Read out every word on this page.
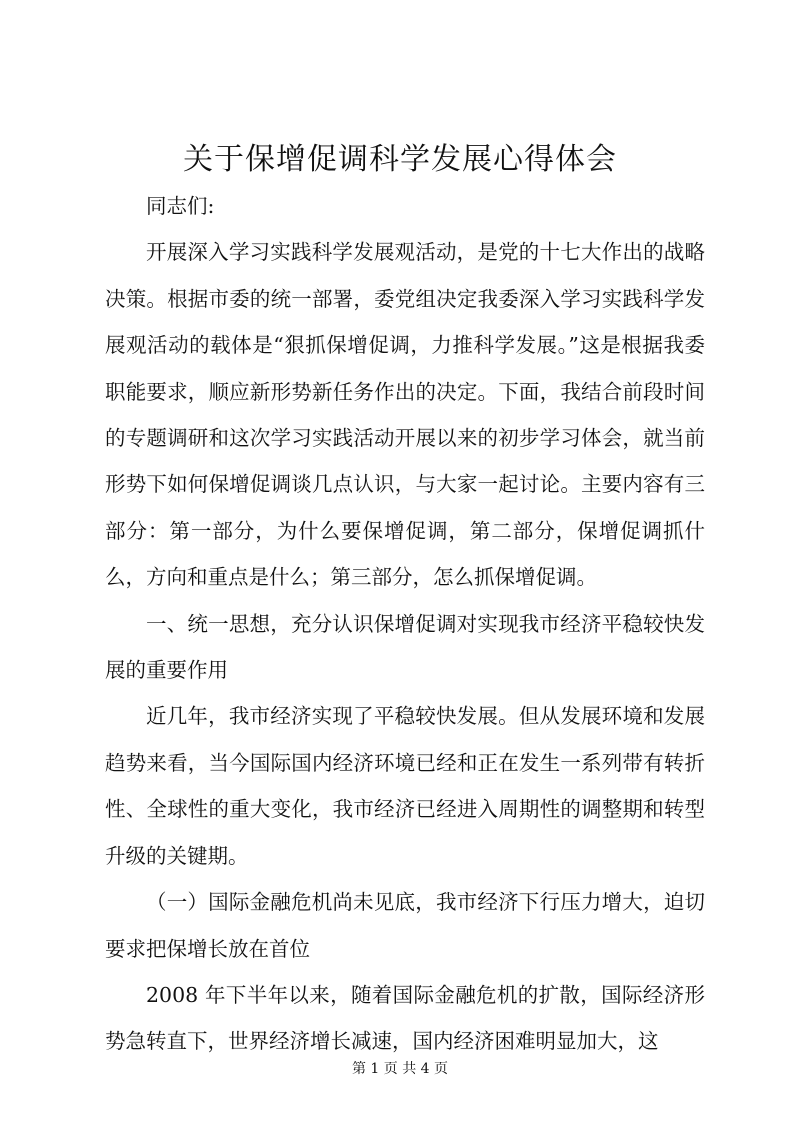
关于保增促调科学发展心得体会

同志们:

开展深入学习实践科学发展观活动，是党的十七大作出的战略决策。根据市委的统一部署，委党组决定我委深入学习实践科学发展观活动的载体是“狠抓保增促调，力推科学发展。”这是根据我委职能要求，顺应新形势新任务作出的决定。下面，我结合前段时间的专题调研和这次学习实践活动开展以来的初步学习体会，就当前形势下如何保增促调谈几点认识，与大家一起讨论。主要内容有三部分：第一部分，为什么要保增促调，第二部分，保增促调抓什么，方向和重点是什么；第三部分，怎么抓保增促调。

一、统一思想，充分认识保增促调对实现我市经济平稳较快发展的重要作用

近几年，我市经济实现了平稳较快发展。但从发展环境和发展趋势来看，当今国际国内经济环境已经和正在发生一系列带有转折性、全球性的重大变化，我市经济已经进入周期性的调整期和转型升级的关键期。

（一）国际金融危机尚未见底，我市经济下行压力增大，迫切要求把保增长放在首位

2008 年下半年以来，随着国际金融危机的扩散，国际经济形势急转直下，世界经济增长减速，国内经济困难明显加大，这

第 1 页 共 4 页
